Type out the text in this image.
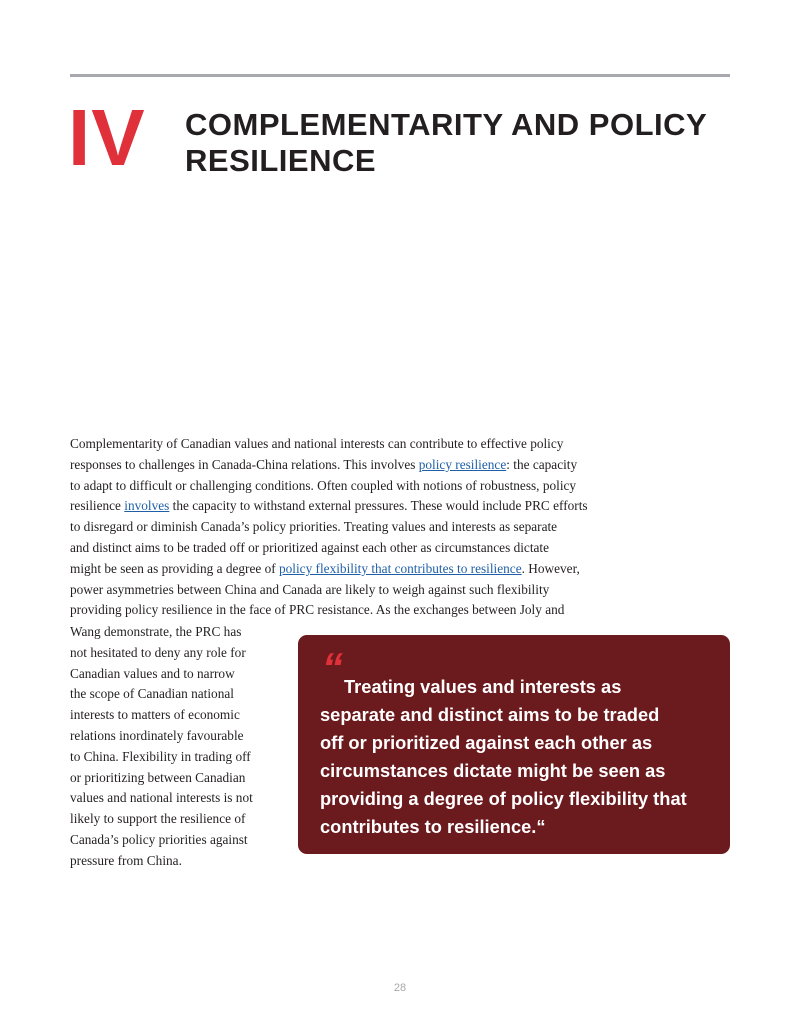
IV COMPLEMENTARITY AND POLICY
RESILIENCE
Complementarity of Canadian values and national interests can contribute to effective policy
responses to challenges in Canada-China relations. This involves policy resilience: the capacity
to adapt to difficult or challenging conditions. Often coupled with notions of robustness, policy
resilience involves the capacity to withstand external pressures. These would include PRC efforts
to disregard or diminish Canada’s policy priorities. Treating values and interests as separate
and distinct aims to be traded off or prioritized against each other as circumstances dictate
might be seen as providing a degree of policy flexibility that contributes to resilience. However,
power asymmetries between China and Canada are likely to weigh against such flexibility
providing policy resilience in the face of PRC resistance. As the exchanges between Joly and
Wang demonstrate, the PRC has
not hesitated to deny any role for
Canadian values and to narrow
the scope of Canadian national
interests to matters of economic
relations inordinately favourable
to China. Flexibility in trading off
or prioritizing between Canadian
values and national interests is not
likely to support the resilience of
Canada’s policy priorities against
pressure from China.
“ Treating values and interests as
separate and distinct aims to be traded
off or prioritized against each other as
circumstances dictate might be seen as
providing a degree of policy flexibility that
contributes to resilience.“
28
